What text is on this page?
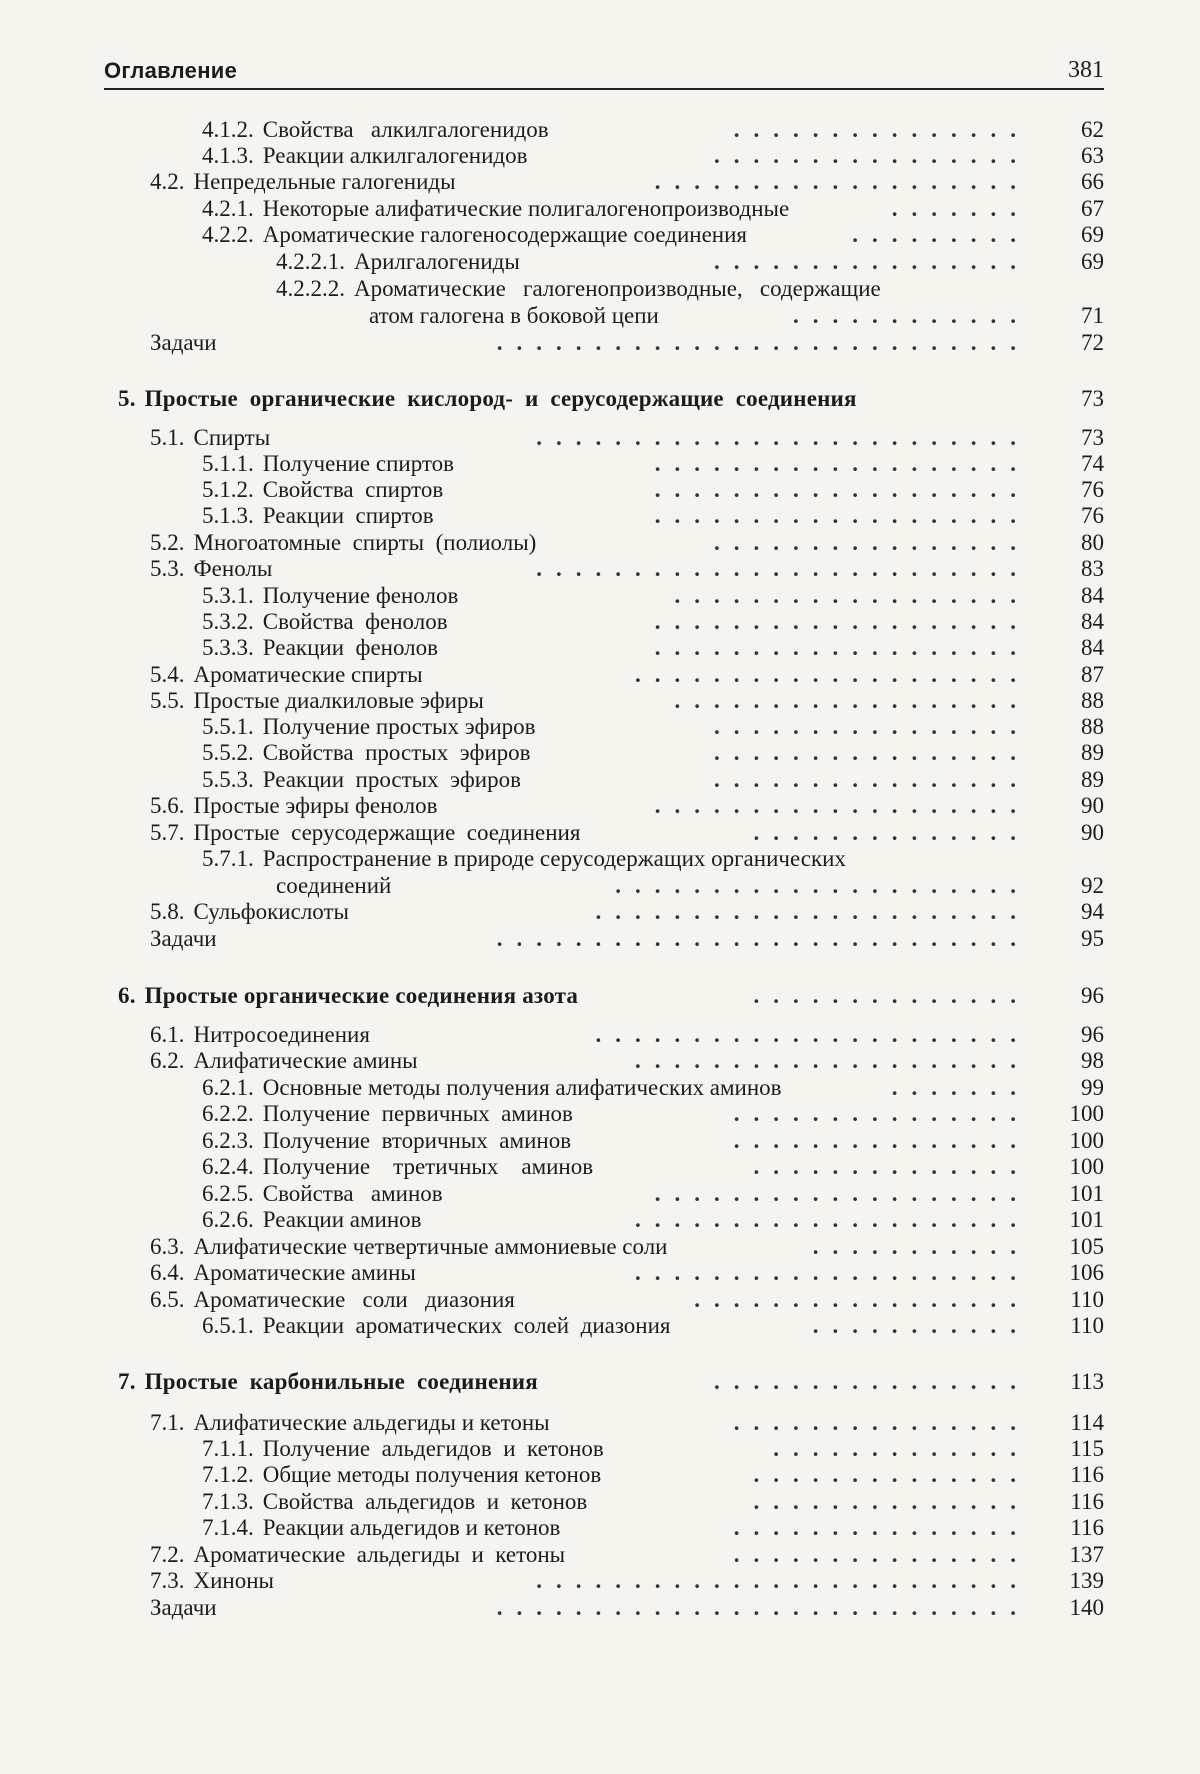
Оглавление	381
4.1.2. Свойства   алкилгалогенидов	............... 62
4.1.3. Реакции алкилгалогенидов	................ 63
4.2. Непредельные галогениды	................... 66
4.2.1. Некоторые алифатические полигалогенопроизводные	....... 67
4.2.2. Ароматические галогеносодержащие соединения	......... 69
4.2.2.1. Арилгалогениды	................ 69
4.2.2.2. Ароматические   галогенопроизводные,   содержащие
атом галогена в боковой цепи	............ 71
Задачи	........................... 72
5. Простые  органические  кислород-  и  серусодержащие  соединения	73
5.1. Спирты	......................... 73
5.1.1. Получение спиртов	................... 74
5.1.2. Свойства  спиртов	................... 76
5.1.3. Реакции  спиртов	................... 76
5.2. Многоатомные  спирты  (полиолы)	................ 80
5.3. Фенолы	......................... 83
5.3.1. Получение фенолов	.................. 84
5.3.2. Свойства  фенолов	................... 84
5.3.3. Реакции  фенолов	................... 84
5.4. Ароматические спирты	.................... 87
5.5. Простые диалкиловые эфиры	.................. 88
5.5.1. Получение простых эфиров	................ 88
5.5.2. Свойства  простых  эфиров	................ 89
5.5.3. Реакции  простых  эфиров	................ 89
5.6. Простые эфиры фенолов	................... 90
5.7. Простые  серусодержащие  соединения	.............. 90
5.7.1. Распространение в природе серусодержащих органических
соединений	..................... 92
5.8. Сульфокислоты	...................... 94
Задачи	........................... 95
6. Простые органические соединения азота	.............. 96
6.1. Нитросоединения	...................... 96
6.2. Алифатические амины	.................... 98
6.2.1. Основные методы получения алифатических аминов	....... 99
6.2.2. Получение  первичных  аминов	............... 100
6.2.3. Получение  вторичных  аминов	............... 100
6.2.4. Получение    третичных    аминов	.............. 100
6.2.5. Свойства   аминов	................... 101
6.2.6. Реакции аминов	.................... 101
6.3. Алифатические четвертичные аммониевые соли	........... 105
6.4. Ароматические амины	.................... 106
6.5. Ароматические   соли   диазония	................. 110
6.5.1. Реакции  ароматических  солей  диазония	........... 110
7. Простые  карбонильные  соединения	................ 113
7.1. Алифатические альдегиды и кетоны	............... 114
7.1.1. Получение  альдегидов  и  кетонов	............. 115
7.1.2. Общие методы получения кетонов	.............. 116
7.1.3. Свойства  альдегидов  и  кетонов	.............. 116
7.1.4. Реакции альдегидов и кетонов	............... 116
7.2. Ароматические  альдегиды  и  кетоны	............... 137
7.3. Хиноны	......................... 139
Задачи	........................... 140
